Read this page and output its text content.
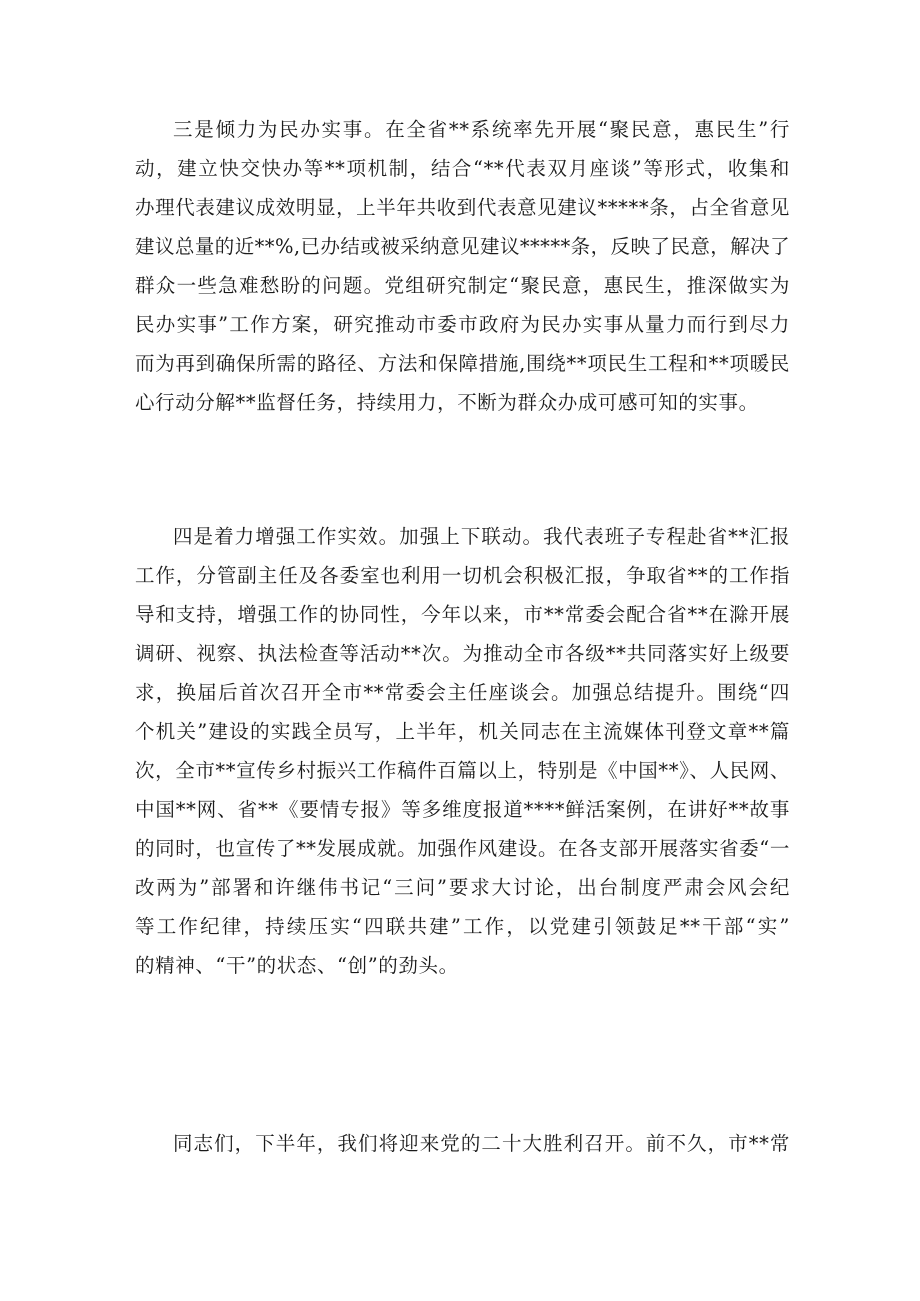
三是倾力为民办实事。在全省**系统率先开展“聚民意，惠民生”行
动，建立快交快办等**项机制，结合“**代表双月座谈”等形式，收集和
办理代表建议成效明显，上半年共收到代表意见建议*****条，占全省意见
建议总量的近**%,已办结或被采纳意见建议*****条，反映了民意，解决了
群众一些急难愁盼的问题。党组研究制定“聚民意，惠民生，推深做实为
民办实事”工作方案，研究推动市委市政府为民办实事从量力而行到尽力
而为再到确保所需的路径、方法和保障措施,围绕**项民生工程和**项暖民
心行动分解**监督任务，持续用力，不断为群众办成可感可知的实事。
四是着力增强工作实效。加强上下联动。我代表班子专程赴省**汇报
工作，分管副主任及各委室也利用一切机会积极汇报，争取省**的工作指
导和支持，增强工作的协同性，今年以来，市**常委会配合省**在滁开展
调研、视察、执法检查等活动**次。为推动全市各级**共同落实好上级要
求，换届后首次召开全市**常委会主任座谈会。加强总结提升。围绕“四
个机关”建设的实践全员写，上半年，机关同志在主流媒体刊登文章**篇
次，全市**宣传乡村振兴工作稿件百篇以上，特别是《中国**》、人民网、
中国**网、省**《要情专报》等多维度报道****鲜活案例，在讲好**故事
的同时，也宣传了**发展成就。加强作风建设。在各支部开展落实省委“一
改两为”部署和许继伟书记“三问”要求大讨论，出台制度严肃会风会纪
等工作纪律，持续压实“四联共建”工作，以党建引领鼓足**干部“实”
的精神、“干”的状态、“创”的劲头。
同志们，下半年，我们将迎来党的二十大胜利召开。前不久，市**常
